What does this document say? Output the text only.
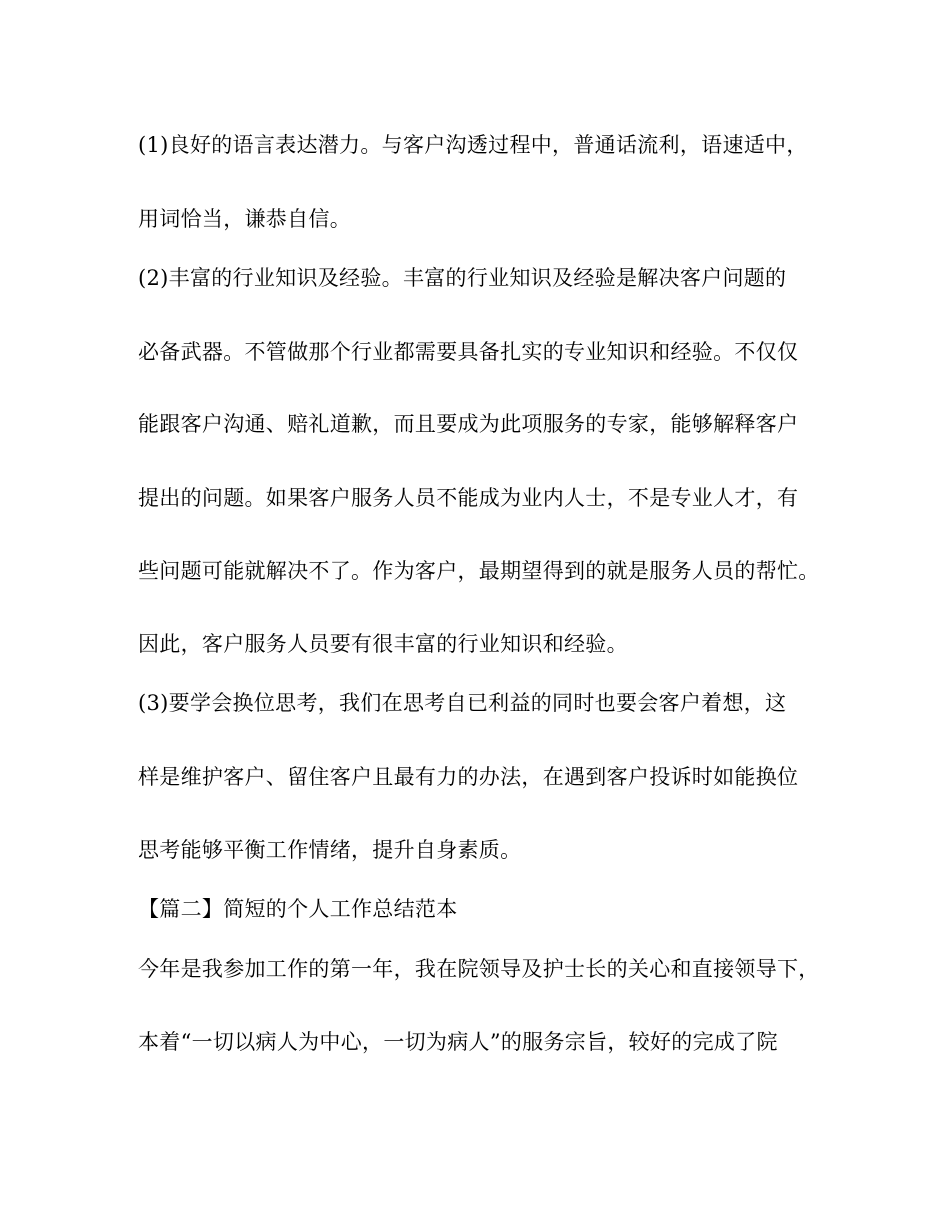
(1)良好的语言表达潜力。与客户沟透过程中，普通话流利，语速适中，
用词恰当，谦恭自信。
(2)丰富的行业知识及经验。丰富的行业知识及经验是解决客户问题的
必备武器。不管做那个行业都需要具备扎实的专业知识和经验。不仅仅
能跟客户沟通、赔礼道歉，而且要成为此项服务的专家，能够解释客户
提出的问题。如果客户服务人员不能成为业内人士，不是专业人才，有
些问题可能就解决不了。作为客户，最期望得到的就是服务人员的帮忙。
因此，客户服务人员要有很丰富的行业知识和经验。
(3)要学会换位思考，我们在思考自已利益的同时也要会客户着想，这
样是维护客户、留住客户且最有力的办法，在遇到客户投诉时如能换位
思考能够平衡工作情绪，提升自身素质。
【篇二】简短的个人工作总结范本
今年是我参加工作的第一年，我在院领导及护士长的关心和直接领导下，
本着“一切以病人为中心，一切为病人”的服务宗旨，较好的完成了院
